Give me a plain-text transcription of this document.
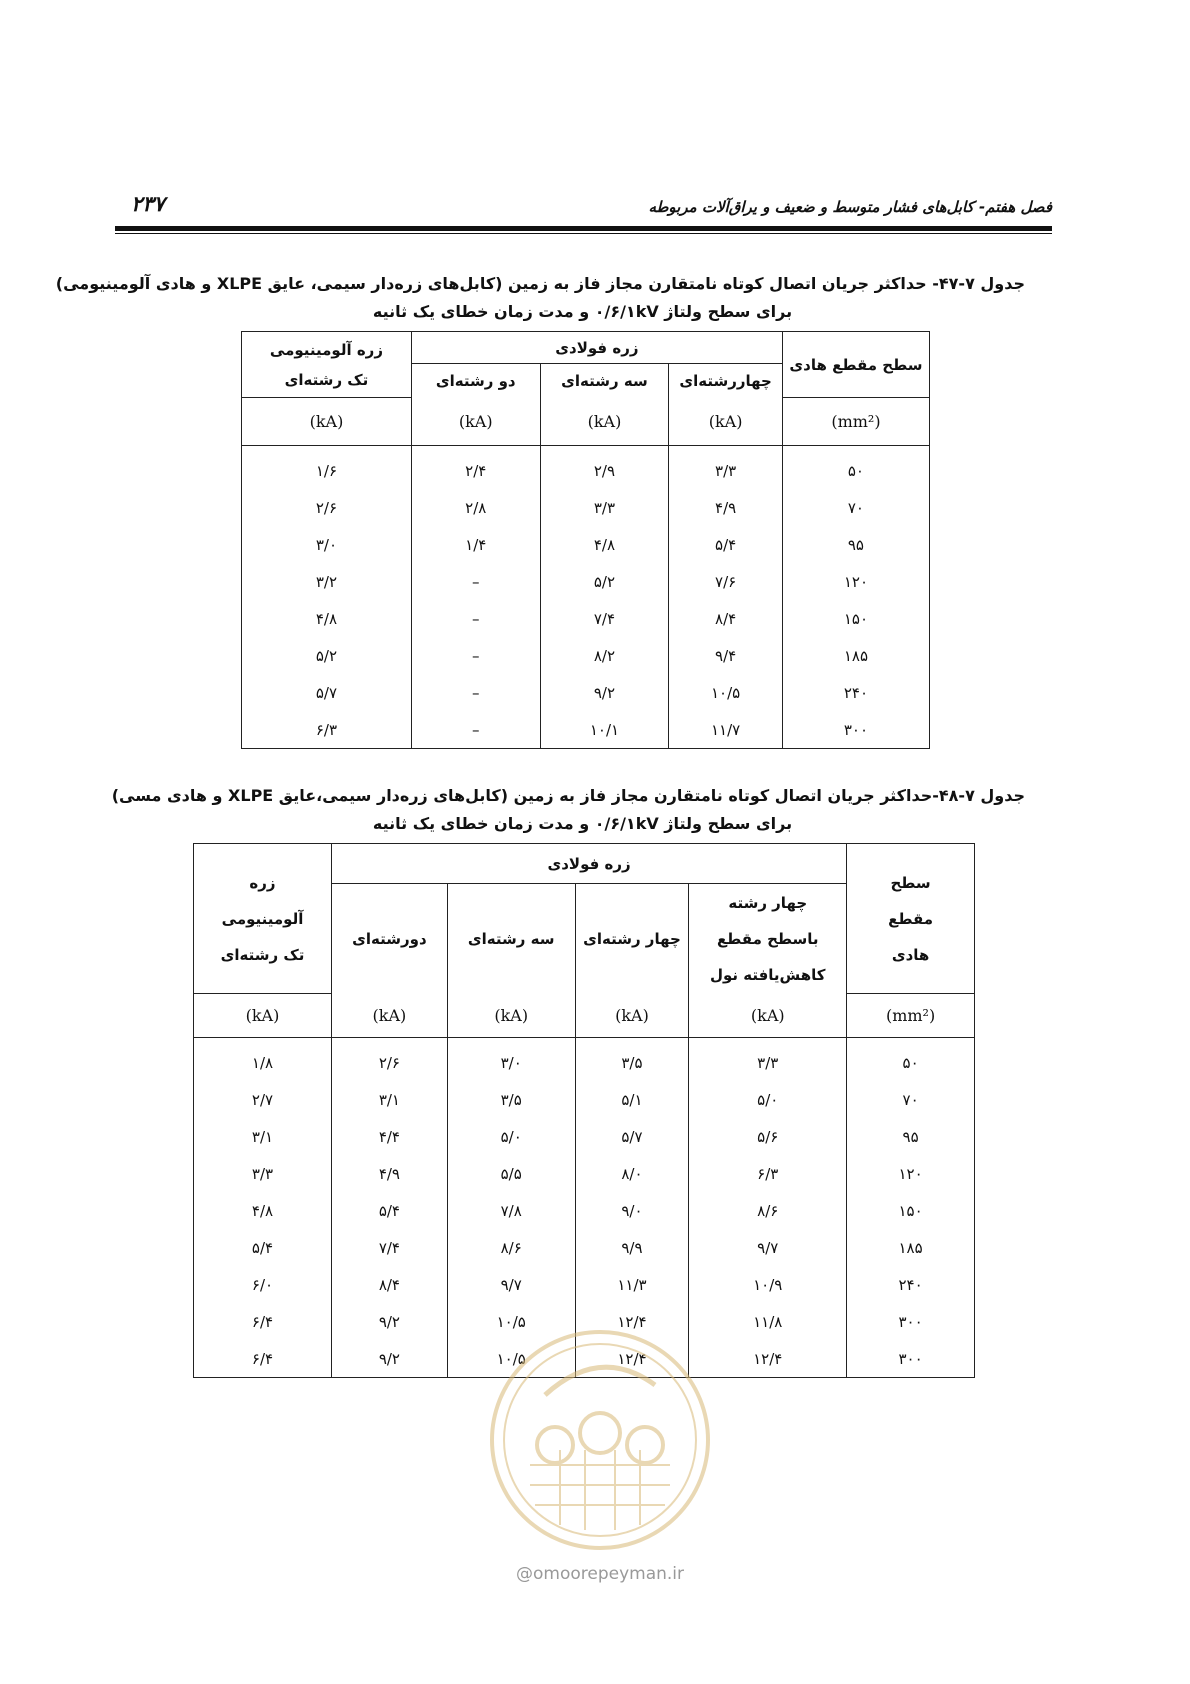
۲۳۷	فصل هفتم- کابل‌های فشار متوسط و ضعیف و یراق‌آلات مربوطه
جدول ۷-۴۷- حداکثر جریان اتصال کوتاه نامتقارن مجاز فاز به زمین (کابل‌های زره‌دار سیمی، عایق XLPE و هادی آلومینیومی)
برای سطح ولتاژ ۰/۶/۱kV و مدت زمان خطای یک ثانیه
سطح مقطع هادی	زره فولادی			زره آلومینیومی تک رشته‌ای
	چهاررشته‌ای	سه رشته‌ای	دو رشته‌ای	
(mm²)	(kA)	(kA)	(kA)	(kA)
۵۰	۳/۳	۲/۹	۲/۴	۱/۶
۷۰	۴/۹	۳/۳	۲/۸	۲/۶
۹۵	۵/۴	۴/۸	۱/۴	۳/۰
۱۲۰	۷/۶	۵/۲	–	۳/۲
۱۵۰	۸/۴	۷/۴	–	۴/۸
۱۸۵	۹/۴	۸/۲	–	۵/۲
۲۴۰	۱۰/۵	۹/۲	–	۵/۷
۳۰۰	۱۱/۷	۱۰/۱	–	۶/۳
جدول ۷-۴۸-حداکثر جریان اتصال کوتاه نامتقارن مجاز فاز به زمین (کابل‌های زره‌دار سیمی،عایق XLPE و هادی مسی)
برای سطح ولتاژ ۰/۶/۱kV و مدت زمان خطای یک ثانیه
سطح مقطع هادی	زره فولادی				زره آلومینیومی تک رشته‌ای
	چهار رشته باسطح مقطع کاهش‌یافته نول	چهار رشته‌ای	سه رشته‌ای	دورشته‌ای	
(mm²)	(kA)	(kA)	(kA)	(kA)	(kA)
۵۰	۳/۳	۳/۵	۳/۰	۲/۶	۱/۸
۷۰	۵/۰	۵/۱	۳/۵	۳/۱	۲/۷
۹۵	۵/۶	۵/۷	۵/۰	۴/۴	۳/۱
۱۲۰	۶/۳	۸/۰	۵/۵	۴/۹	۳/۳
۱۵۰	۸/۶	۹/۰	۷/۸	۵/۴	۴/۸
۱۸۵	۹/۷	۹/۹	۸/۶	۷/۴	۵/۴
۲۴۰	۱۰/۹	۱۱/۳	۹/۷	۸/۴	۶/۰
۳۰۰	۱۱/۸	۱۲/۴	۱۰/۵	۹/۲	۶/۴
۳۰۰	۱۲/۴	۱۲/۴	۱۰/۵	۹/۲	۶/۴
@omoorepeyman.ir
